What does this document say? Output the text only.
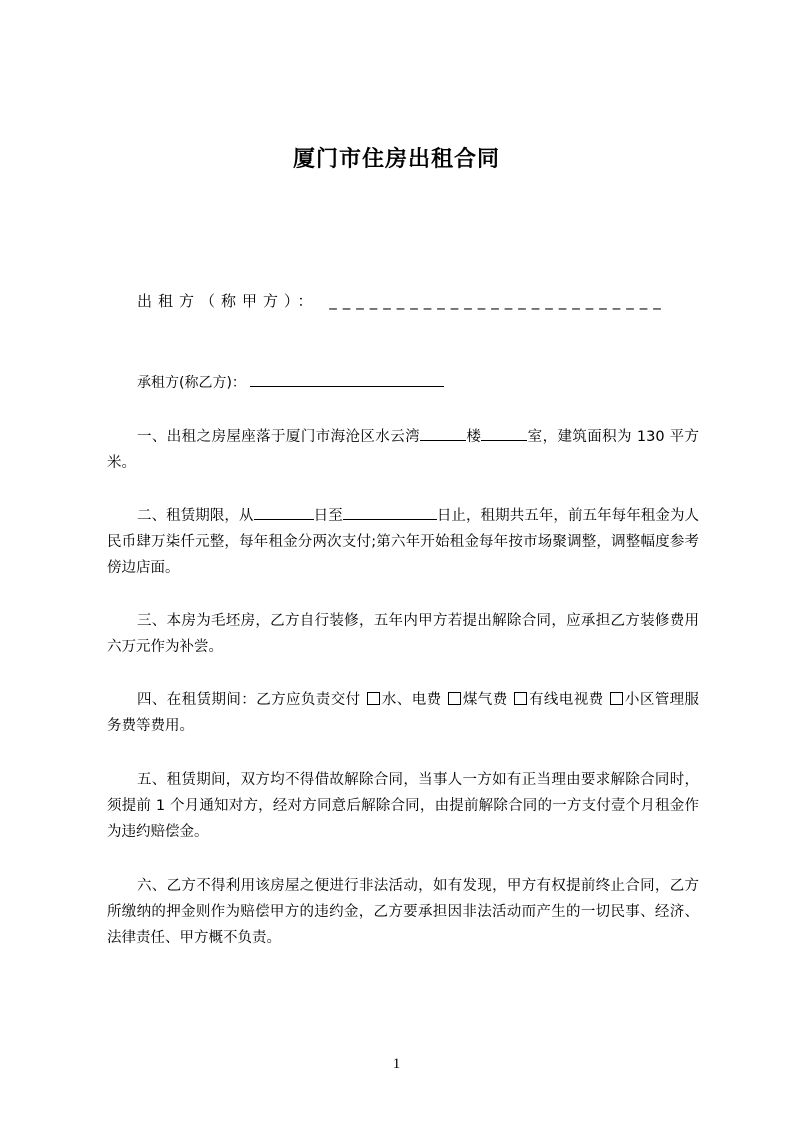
厦门市住房出租合同
出租方（称甲方）： _________________________
承租方(称乙方)：
一、出租之房屋座落于厦门市海沧区水云湾	楼	室，建筑面积为 130 平方米。
二、租赁期限，从	日至	日止，租期共五年，前五年每年租金为人民币肆万柒仟元整，每年租金分两次支付;第六年开始租金每年按市场聚调整，调整幅度参考傍边店面。
三、本房为毛坯房，乙方自行装修，五年内甲方若提出解除合同，应承担乙方装修费用六万元作为补尝。
四、在租赁期间：乙方应负责交付 水、电费 煤气费 有线电视费 小区管理服务费等费用。
五、租赁期间，双方均不得借故解除合同，当事人一方如有正当理由要求解除合同时，须提前 1 个月通知对方，经对方同意后解除合同，由提前解除合同的一方支付壹个月租金作为违约赔偿金。
六、乙方不得利用该房屋之便进行非法活动，如有发现，甲方有权提前终止合同，乙方所缴纳的押金则作为赔偿甲方的违约金，乙方要承担因非法活动而产生的一切民事、经济、法律责任、甲方概不负责。
1
